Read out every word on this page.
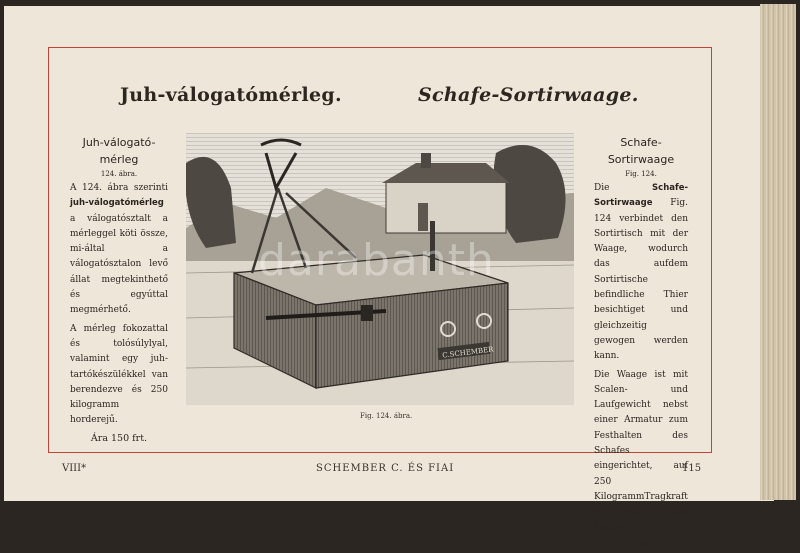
Juh-válogatómérleg.	Schafe-Sortirwaage.
Juh-válogató-
mérleg
124. ábra.
A 124. ábra szerinti juh-válogatómérleg a válogatósztalt a mérleggel köti össze, mi-által a válogatósztalon levő állat megtekinthető és egyúttal megmérhető.
A mérleg fokozattal és tolósúlylyal, valamint egy juh-tartókészülékkel van berendezve és 250 kilogramm horderejű.
Ára 150 frt.
Schafe-
Sortirwaage
Fig. 124.
Die	Schafe-Sortirwaage Fig. 124 verbindet den Sortirtisch mit der Waage, wodurch das aufdem Sortirtische befindliche Thier besichtiget und gleichzeitig gewogen werden kann.
Die Waage ist mit Scalen- und Laufgewicht nebst einer Armatur zum Festhalten des Schafes eingerichtet, auf 250 KilogrammTragkraft berechnet und kostet
fl. 150.—
C.SCHEMBER
Fig. 124. ábra.
VIII*	SCHEMBER C. ÉS FIAI	115
darabanth
